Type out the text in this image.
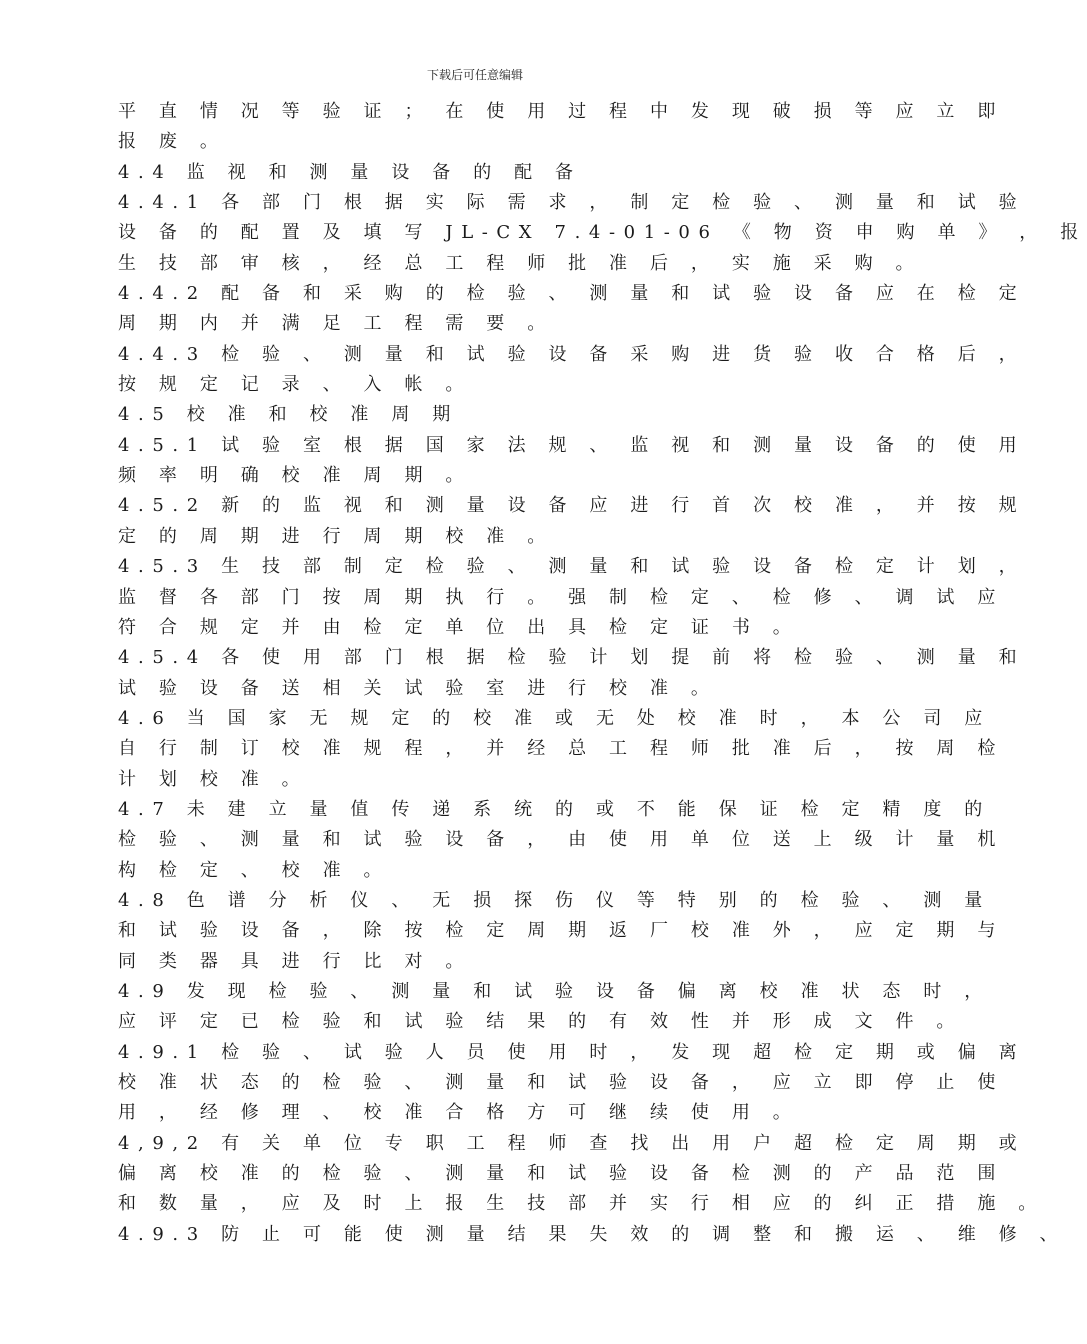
下载后可任意编辑
平 直 情 况 等 验 证 ； 在 使 用 过 程 中 发 现 破 损 等 应 立 即
报 废 。
4.4 监 视 和 测 量 设 备 的 配 备
4.4.1 各 部 门 根 据 实 际 需 求 ， 制 定 检 验 、 测 量 和 试 验
设 备 的 配 置 及 填 写 JL-CX 7.4-01-06 《 物 资 申 购 单 》 ， 报
生 技 部 审 核 ， 经 总 工 程 师 批 准 后 ， 实 施 采 购 。
4.4.2 配 备 和 采 购 的 检 验 、 测 量 和 试 验 设 备 应 在 检 定
周 期 内 并 满 足 工 程 需 要 。
4.4.3 检 验 、 测 量 和 试 验 设 备 采 购 进 货 验 收 合 格 后 ，
按 规 定 记 录 、 入 帐 。
4.5 校 准 和 校 准 周 期
4.5.1 试 验 室 根 据 国 家 法 规 、 监 视 和 测 量 设 备 的 使 用
频 率 明 确 校 准 周 期 。
4.5.2 新 的 监 视 和 测 量 设 备 应 进 行 首 次 校 准 ， 并 按 规
定 的 周 期 进 行 周 期 校 准 。
4.5.3 生 技 部 制 定 检 验 、 测 量 和 试 验 设 备 检 定 计 划 ，
监 督 各 部 门 按 周 期 执 行 。 强 制 检 定 、 检 修 、 调 试 应
符 合 规 定 并 由 检 定 单 位 出 具 检 定 证 书 。
4.5.4 各 使 用 部 门 根 据 检 验 计 划 提 前 将 检 验 、 测 量 和
试 验 设 备 送 相 关 试 验 室 进 行 校 准 。
4.6 当 国 家 无 规 定 的 校 准 或 无 处 校 准 时 ， 本 公 司 应
自 行 制 订 校 准 规 程 ， 并 经 总 工 程 师 批 准 后 ， 按 周 检
计 划 校 准 。
4.7 未 建 立 量 值 传 递 系 统 的 或 不 能 保 证 检 定 精 度 的
检 验 、 测 量 和 试 验 设 备 ， 由 使 用 单 位 送 上 级 计 量 机
构 检 定 、 校 准 。
4.8 色 谱 分 析 仪 、 无 损 探 伤 仪 等 特 别 的 检 验 、 测 量
和 试 验 设 备 ， 除 按 检 定 周 期 返 厂 校 准 外 ， 应 定 期 与
同 类 器 具 进 行 比 对 。
4.9 发 现 检 验 、 测 量 和 试 验 设 备 偏 离 校 准 状 态 时 ，
应 评 定 已 检 验 和 试 验 结 果 的 有 效 性 并 形 成 文 件 。
4.9.1 检 验 、 试 验 人 员 使 用 时 ， 发 现 超 检 定 期 或 偏 离
校 准 状 态 的 检 验 、 测 量 和 试 验 设 备 ， 应 立 即 停 止 使
用 ， 经 修 理 、 校 准 合 格 方 可 继 续 使 用 。
4,9,2 有 关 单 位 专 职 工 程 师 查 找 出 用 户 超 检 定 周 期 或
偏 离 校 准 的 检 验 、 测 量 和 试 验 设 备 检 测 的 产 品 范 围
和 数 量 ， 应 及 时 上 报 生 技 部 并 实 行 相 应 的 纠 正 措 施 。
4.9.3 防 止 可 能 使 测 量 结 果 失 效 的 调 整 和 搬 运 、 维 修 、
